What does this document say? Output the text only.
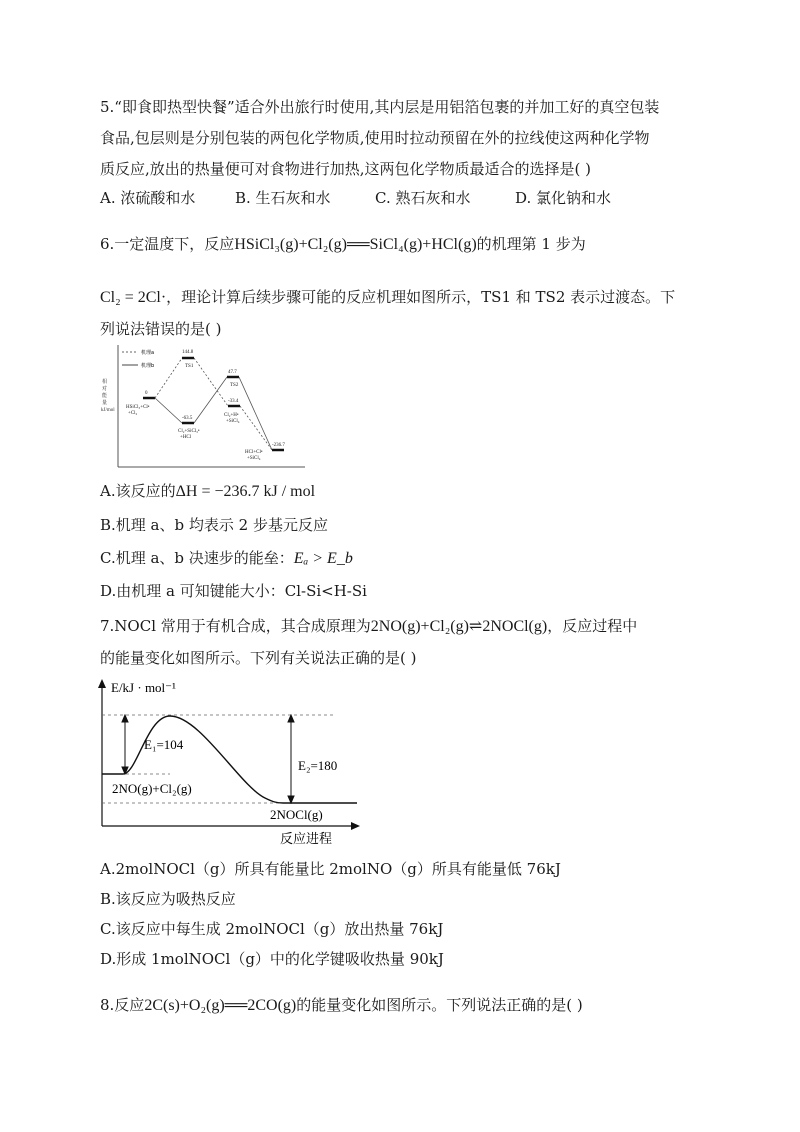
5.“即食即热型快餐”适合外出旅行时使用,其内层是用铝箔包裹的并加工好的真空包装
食品,包层则是分别包装的两包化学物质,使用时拉动预留在外的拉线使这两种化学物
质反应,放出的热量便可对食物进行加热,这两包化学物质最适合的选择是( )
A. 浓硫酸和水	B. 生石灰和水	C. 熟石灰和水	D. 氯化钠和水
6.一定温度下，反应HSiCl₃(g)+Cl₂(g)══SiCl₄(g)+HCl(g)的机理第 1 步为
Cl₂ = 2Cl·，理论计算后续步骤可能的反应机理如图所示，TS1 和 TS2 表示过渡态。下
列说法错误的是( )
机理a
机理b
相
对
能
量
kJ/mol
144.8
TS1
0
HSiCl₃+Cl•
+Cl₂
-63.5
Cl₂+SiCl₃•
+HCl
47.7
TS2
-33.4
Cl₂+H•
+SiCl₄
-236.7
HCl+Cl•
+SiCl₄
A.该反应的ΔH = −236.7 kJ / mol
B.机理 a、b 均表示 2 步基元反应
C.机理 a、b 决速步的能垒：Eₐ > E_b
D.由机理 a 可知键能大小：Cl-Si<H-Si
7.NOCl 常用于有机合成，其合成原理为2NO(g)+Cl₂(g)⇌2NOCl(g)，反应过程中
的能量变化如图所示。下列有关说法正确的是( )
E/kJ · mol⁻¹
E₁=104
E₂=180
2NO(g)+Cl₂(g)
2NOCl(g)
反应进程
A.2molNOCl（g）所具有能量比 2molNO（g）所具有能量低 76kJ
B.该反应为吸热反应
C.该反应中每生成 2molNOCl（g）放出热量 76kJ
D.形成 1molNOCl（g）中的化学键吸收热量 90kJ
8.反应2C(s)+O₂(g)══2CO(g)的能量变化如图所示。下列说法正确的是( )
